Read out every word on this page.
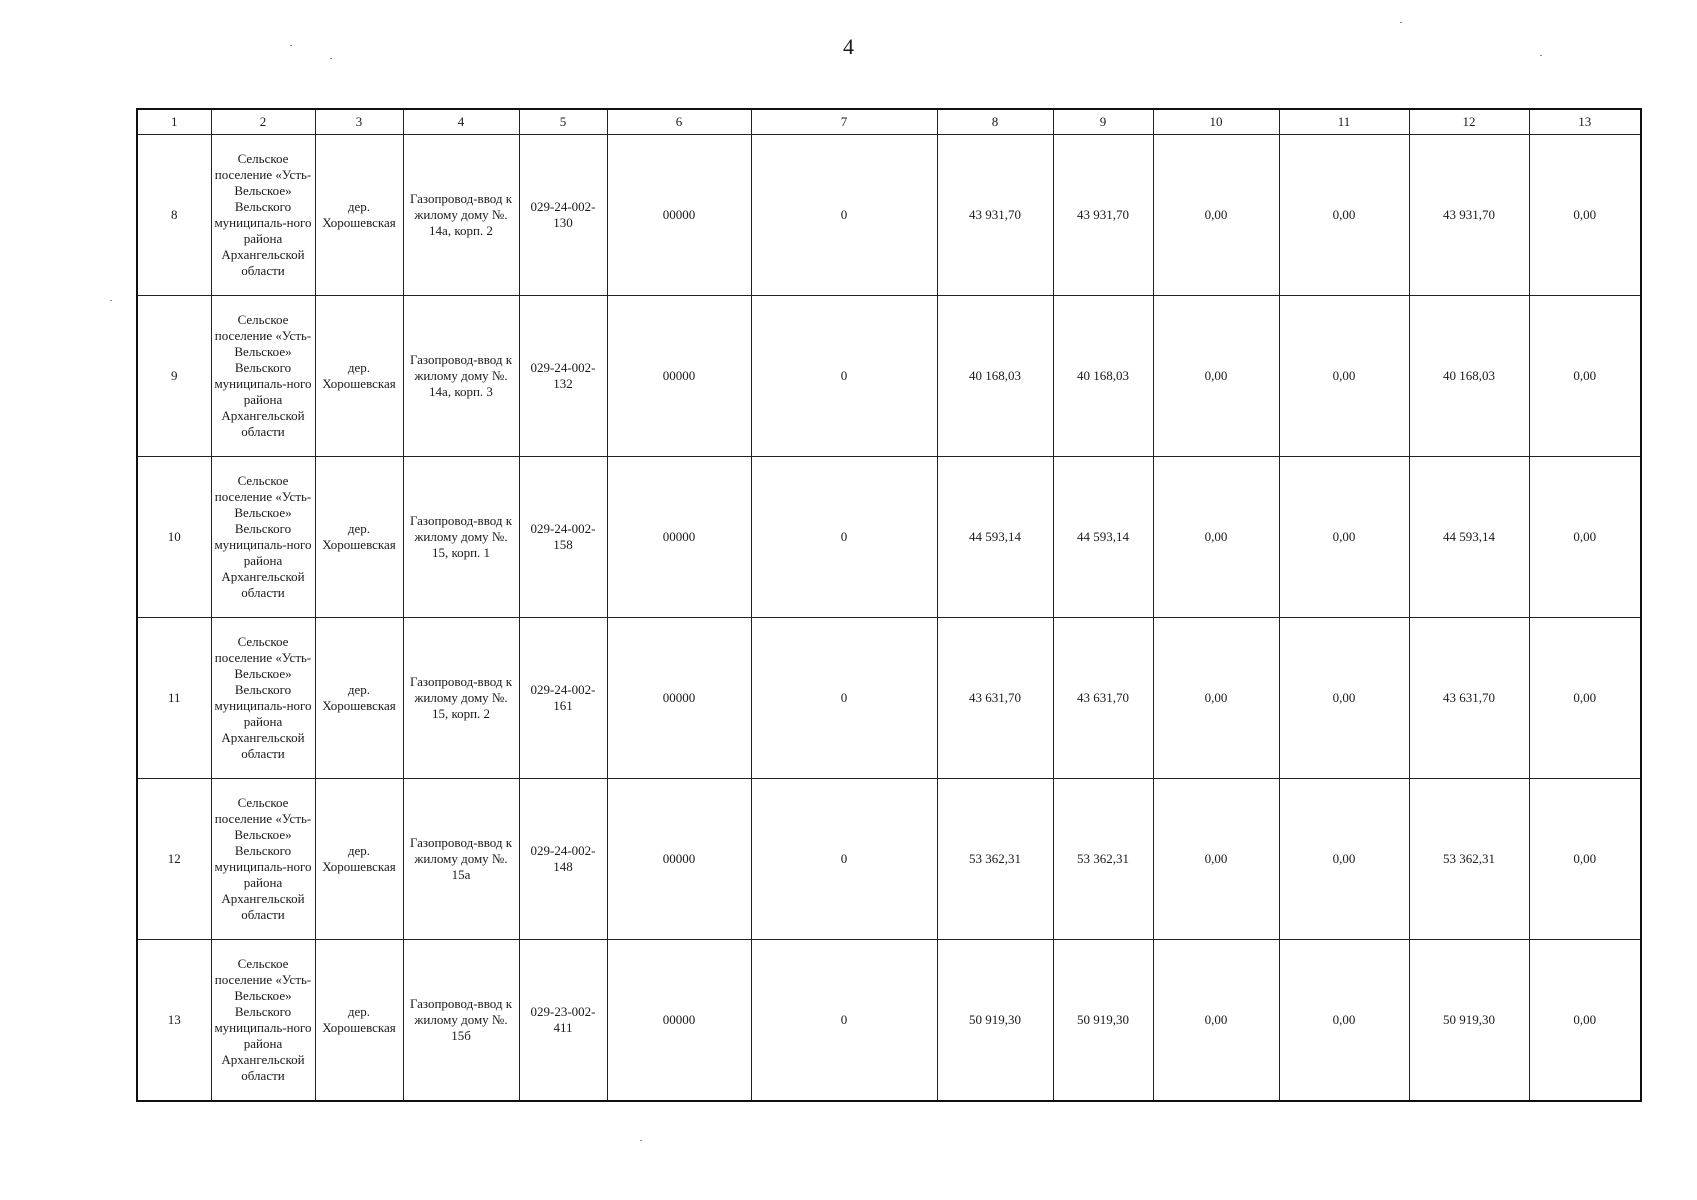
4
1	2	3	4	5	6	7	8	9	10	11	12	13
8	Сельское поселение «Усть-Вельское» Вельского муниципаль-ного района Архангельской области	дер. Хорошевская	Газопровод-ввод к жилому дому №. 14а, корп. 2	029-24-002-130	00000	0	43 931,70	43 931,70	0,00	0,00	43 931,70	0,00
9	Сельское поселение «Усть-Вельское» Вельского муниципаль-ного района Архангельской области	дер. Хорошевская	Газопровод-ввод к жилому дому №. 14а, корп. 3	029-24-002-132	00000	0	40 168,03	40 168,03	0,00	0,00	40 168,03	0,00
10	Сельское поселение «Усть-Вельское» Вельского муниципаль-ного района Архангельской области	дер. Хорошевская	Газопровод-ввод к жилому дому №. 15, корп. 1	029-24-002-158	00000	0	44 593,14	44 593,14	0,00	0,00	44 593,14	0,00
11	Сельское поселение «Усть-Вельское» Вельского муниципаль-ного района Архангельской области	дер. Хорошевская	Газопровод-ввод к жилому дому №. 15, корп. 2	029-24-002-161	00000	0	43 631,70	43 631,70	0,00	0,00	43 631,70	0,00
12	Сельское поселение «Усть-Вельское» Вельского муниципаль-ного района Архангельской области	дер. Хорошевская	Газопровод-ввод к жилому дому №. 15а	029-24-002-148	00000	0	53 362,31	53 362,31	0,00	0,00	53 362,31	0,00
13	Сельское поселение «Усть-Вельское» Вельского муниципаль-ного района Архангельской области	дер. Хорошевская	Газопровод-ввод к жилому дому №. 15б	029-23-002-411	00000	0	50 919,30	50 919,30	0,00	0,00	50 919,30	0,00
